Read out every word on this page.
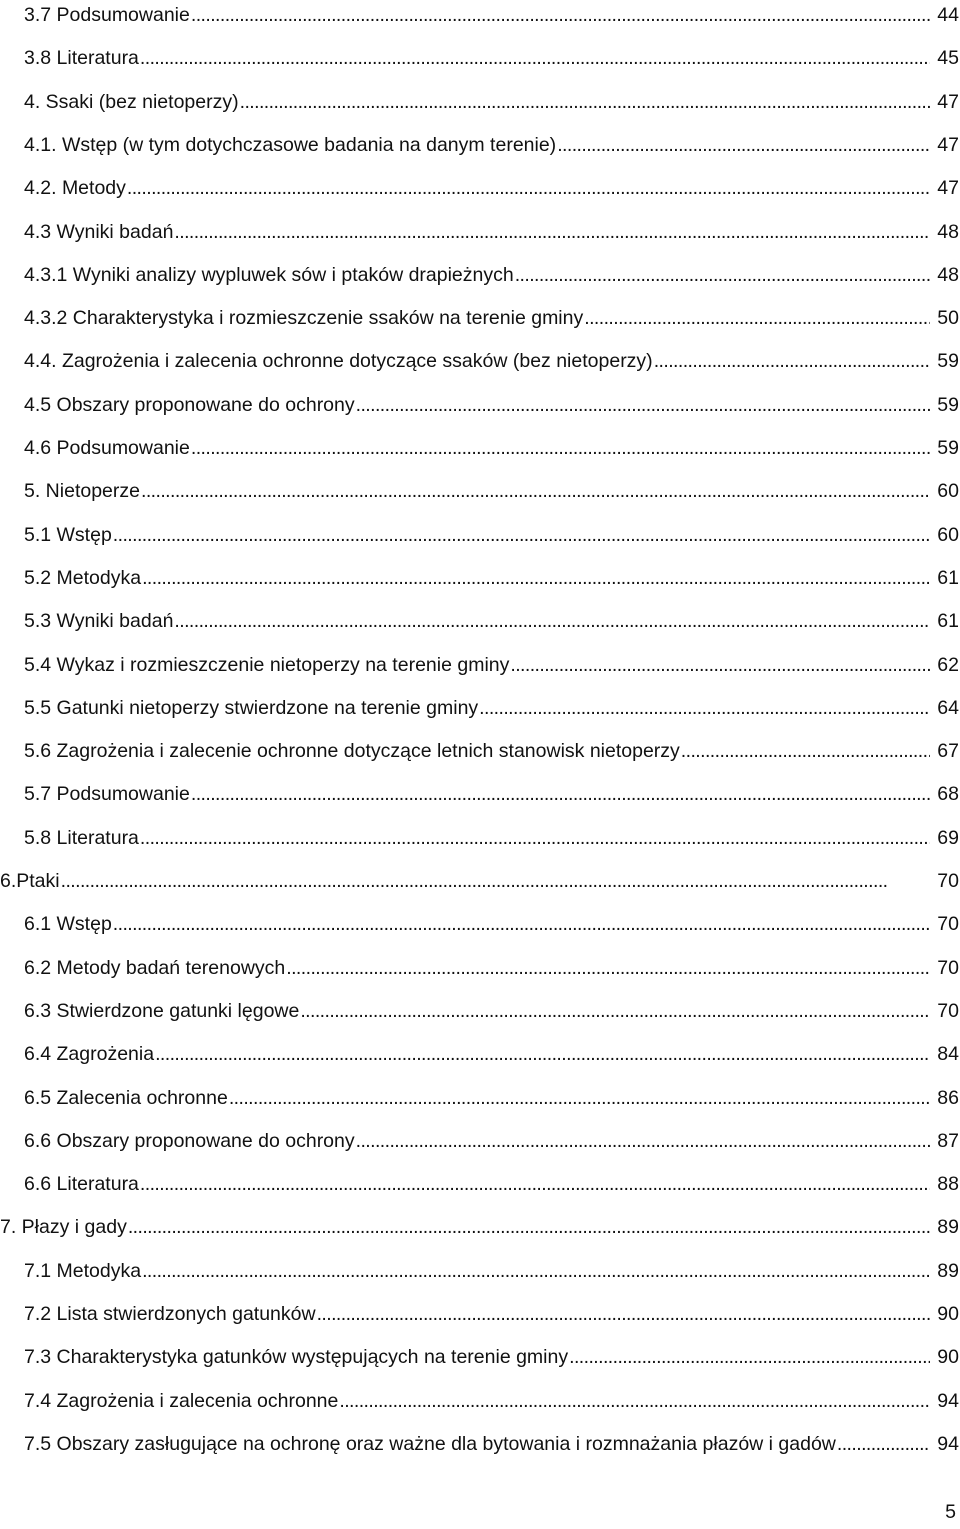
3.7 Podsumowanie . . .	44
3.8 Literatura . . .	45
4. Ssaki (bez nietoperzy) . . .	47
4.1. Wstęp (w tym dotychczasowe badania na danym terenie) . . .	47
4.2. Metody . . .	47
4.3 Wyniki badań . . .	48
4.3.1 Wyniki analizy wypluwek sów i ptaków drapieżnych . . .	48
4.3.2 Charakterystyka i rozmieszczenie ssaków na terenie gminy . . .	50
4.4. Zagrożenia i zalecenia ochronne dotyczące ssaków (bez nietoperzy) . . .	59
4.5 Obszary proponowane do ochrony . . .	59
4.6 Podsumowanie . . .	59
5. Nietoperze . . .	60
5.1 Wstęp . . .	60
5.2 Metodyka . . .	61
5.3 Wyniki badań . . .	61
5.4 Wykaz i rozmieszczenie nietoperzy na terenie gminy . . .	62
5.5 Gatunki nietoperzy stwierdzone na terenie gminy . . .	64
5.6 Zagrożenia i zalecenie ochronne dotyczące letnich stanowisk nietoperzy . . .	67
5.7 Podsumowanie . . .	68
5.8 Literatura . . .	69
6.Ptaki . . .	70
6.1 Wstęp . . .	70
6.2 Metody badań terenowych . . .	70
6.3 Stwierdzone gatunki lęgowe . . .	70
6.4 Zagrożenia . . .	84
6.5 Zalecenia ochronne . . .	86
6.6 Obszary proponowane do ochrony . . .	87
6.6 Literatura . . .	88
7. Płazy i gady . . .	89
7.1 Metodyka . . .	89
7.2 Lista stwierdzonych gatunków . . .	90
7.3 Charakterystyka gatunków występujących na terenie gminy . . .	90
7.4 Zagrożenia i zalecenia ochronne . . .	94
7.5 Obszary zasługujące na ochronę oraz ważne dla bytowania i rozmnażania płazów i gadów . . .	94
5
